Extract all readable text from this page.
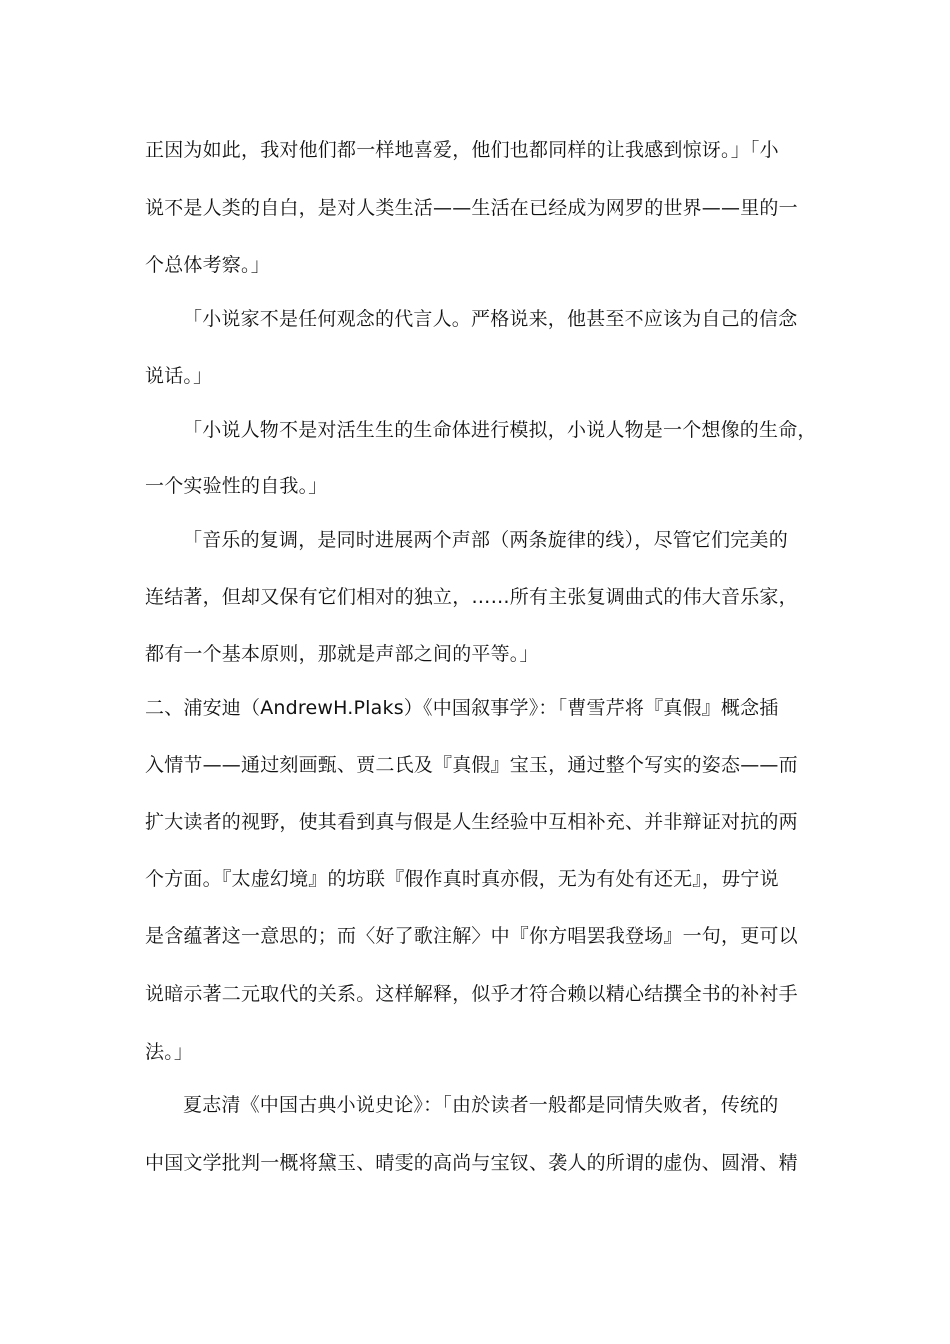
正因为如此，我对他们都一样地喜爱，他们也都同样的让我感到惊讶。」「小
说不是人类的自白，是对人类生活——生活在已经成为网罗的世界——里的一
个总体考察。」
「小说家不是任何观念的代言人。严格说来，他甚至不应该为自己的信念
说话。」
「小说人物不是对活生生的生命体进行模拟，小说人物是一个想像的生命，
一个实验性的自我。」
「音乐的复调，是同时进展两个声部（两条旋律的线），尽管它们完美的
连结著，但却又保有它们相对的独立，……所有主张复调曲式的伟大音乐家，
都有一个基本原则，那就是声部之间的平等。」
二、浦安迪（AndrewH.Plaks）《中国叙事学》：「曹雪芹将『真假』概念插
入情节——通过刻画甄、贾二氏及『真假』宝玉，通过整个写实的姿态——而
扩大读者的视野，使其看到真与假是人生经验中互相补充、并非辩证对抗的两
个方面。『太虚幻境』的坊联『假作真时真亦假，无为有处有还无』，毋宁说
是含蕴著这一意思的；而〈好了歌注解〉中『你方唱罢我登场』一句，更可以
说暗示著二元取代的关系。这样解释，似乎才符合赖以精心结撰全书的补衬手
法。」
夏志清《中国古典小说史论》：「由於读者一般都是同情失败者，传统的
中国文学批判一概将黛玉、晴雯的高尚与宝钗、袭人的所谓的虚伪、圆滑、精
